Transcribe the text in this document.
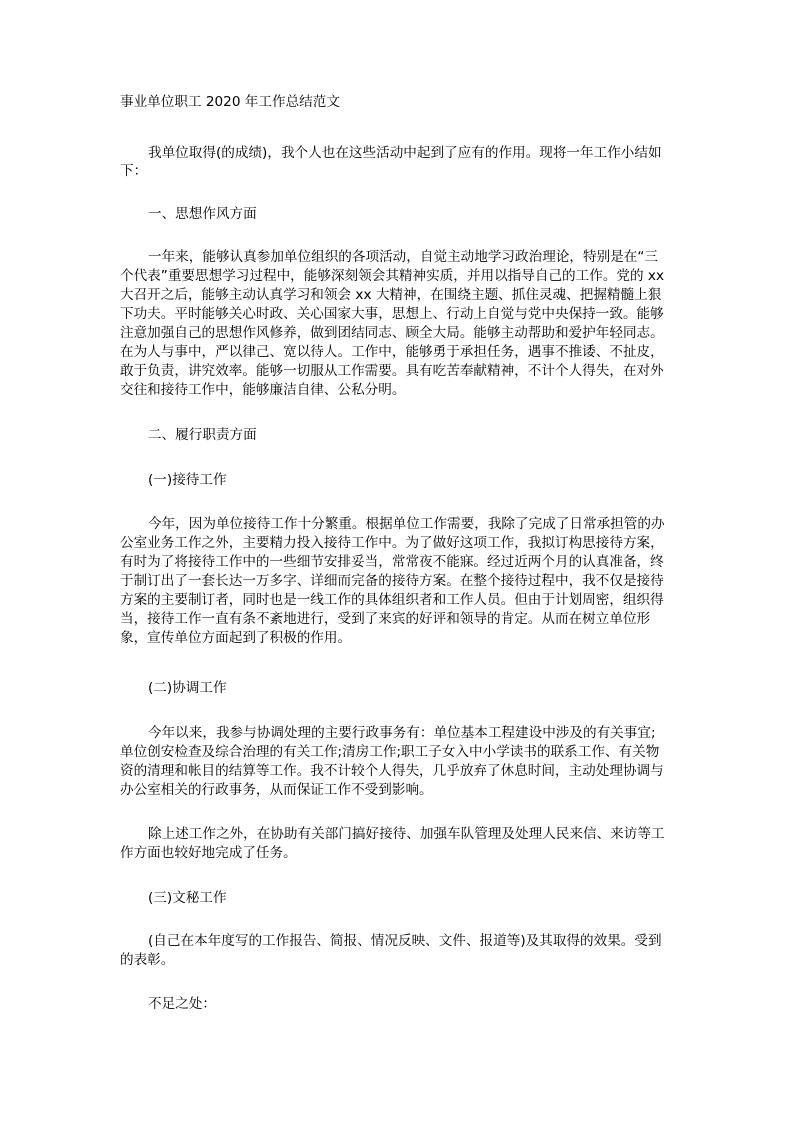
事业单位职工 2020 年工作总结范文
我单位取得(的成绩)，我个人也在这些活动中起到了应有的作用。现将一年工作小结如
下：
一、思想作风方面
一年来，能够认真参加单位组织的各项活动，自觉主动地学习政治理论，特别是在“三
个代表”重要思想学习过程中，能够深刻领会其精神实质，并用以指导自己的工作。党的 xx
大召开之后，能够主动认真学习和领会 xx 大精神，在围绕主题、抓住灵魂、把握精髓上狠
下功夫。平时能够关心时政、关心国家大事，思想上、行动上自觉与党中央保持一致。能够
注意加强自己的思想作风修养，做到团结同志、顾全大局。能够主动帮助和爱护年轻同志。
在为人与事中，严以律己、宽以待人。工作中，能够勇于承担任务，遇事不推诿、不扯皮，
敢于负责，讲究效率。能够一切服从工作需要。具有吃苦奉献精神，不计个人得失，在对外
交往和接待工作中，能够廉洁自律、公私分明。
二、履行职责方面
(一)接待工作
今年，因为单位接待工作十分繁重。根据单位工作需要，我除了完成了日常承担管的办
公室业务工作之外，主要精力投入接待工作中。为了做好这项工作，我拟订构思接待方案，
有时为了将接待工作中的一些细节安排妥当，常常夜不能寐。经过近两个月的认真准备，终
于制订出了一套长达一万多字、详细而完备的接待方案。在整个接待过程中，我不仅是接待
方案的主要制订者，同时也是一线工作的具体组织者和工作人员。但由于计划周密，组织得
当，接待工作一直有条不紊地进行，受到了来宾的好评和领导的肯定。从而在树立单位形
象，宣传单位方面起到了积极的作用。
(二)协调工作
今年以来，我参与协调处理的主要行政事务有：单位基本工程建设中涉及的有关事宜;
单位创安检查及综合治理的有关工作;清房工作;职工子女入中小学读书的联系工作、有关物
资的清理和帐目的结算等工作。我不计较个人得失，几乎放弃了休息时间，主动处理协调与
办公室相关的行政事务，从而保证工作不受到影响。
除上述工作之外，在协助有关部门搞好接待、加强车队管理及处理人民来信、来访等工
作方面也较好地完成了任务。
(三)文秘工作
(自己在本年度写的工作报告、简报、情况反映、文件、报道等)及其取得的效果。受到
的表彰。
不足之处：
